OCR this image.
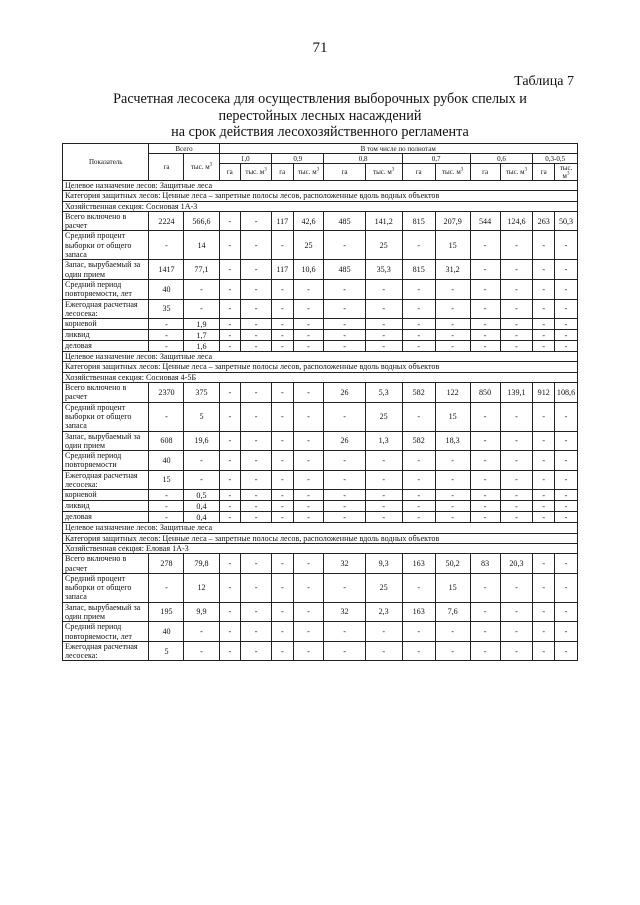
71
Таблица 7
Расчетная лесосека для осуществления выборочных рубок спелых и
перестойных лесных насаждений
на срок действия лесохозяйственного регламента
Показатель	Всего		В том числе по полнотам											
	га	тыс. $м^3$	1,0		0,9		0,8		0,7		0,6		0,3-0,5	
			га	тыс. $м^3$	га	тыс. $м^3$	га	тыс. $м^3$	га	тыс. $м^3$	га	тыс. $м^3$	га	тыс. $м^3$
Целевое назначение лесов: Защитные леса														
Категория защитных лесов: Ценные леса – запретные полосы лесов, расположенные вдоль водных объектов														
Хозяйственная секция: Сосновая 1А-3														
Всего включено в расчет	2224	566,6	-	-	117	42,6	485	141,2	815	207,9	544	124,6	263	50,3
Средний процент выборки от общего запаса	-	14	-	-	-	25	-	25	-	15	-	-	-	-
Запас, вырубаемый за один прием	1417	77,1	-	-	117	10,6	485	35,3	815	31,2	-	-	-	-
Средний период повторяемости, лет	40	-	-	-	-	-	-	-	-	-	-	-	-	-
Ежегодная расчетная лесосека:	35	-	-	-	-	-	-	-	-	-	-	-	-	-
корневой	-	1,9	-	-	-	-	-	-	-	-	-	-	-	-
ликвид	-	1,7	-	-	-	-	-	-	-	-	-	-	-	-
деловая	-	1,6	-	-	-	-	-	-	-	-	-	-	-	-
Целевое назначение лесов: Защитные леса														
Категория защитных лесов: Ценные леса – запретные полосы лесов, расположенные вдоль водных объектов														
Хозяйственная секция: Сосновая 4-5Б														
Всего включено в расчет	2370	375	-	-	-	-	26	5,3	582	122	850	139,1	912	108,6
Средний процент выборки от общего запаса	-	5	-	-	-	-	-	25	-	15	-	-	-	-
Запас, вырубаемый за один прием	608	19,6	-	-	-	-	26	1,3	582	18,3	-	-	-	-
Средний период повторяемости	40	-	-	-	-	-	-	-	-	-	-	-	-	-
Ежегодная расчетная лесосека:	15	-	-	-	-	-	-	-	-	-	-	-	-	-
корневой	-	0,5	-	-	-	-	-	-	-	-	-	-	-	-
ликвид	-	0,4	-	-	-	-	-	-	-	-	-	-	-	-
деловая	-	0,4	-	-	-	-	-	-	-	-	-	-	-	-
Целевое назначение лесов: Защитные леса														
Категория защитных лесов: Ценные леса – запретные полосы лесов, расположенные вдоль водных объектов														
Хозяйственная секция: Еловая 1А-3														
Всего включено в расчет	278	79,8	-	-	-	-	32	9,3	163	50,2	83	20,3	-	-
Средний процент выборки от общего запаса	-	12	-	-	-	-	-	25	-	15	-	-	-	-
Запас, вырубаемый за один прием	195	9,9	-	-	-	-	32	2,3	163	7,6	-	-	-	-
Средний период повторяемости, лет	40	-	-	-	-	-	-	-	-	-	-	-	-	-
Ежегодная расчетная лесосека:	5	-	-	-	-	-	-	-	-	-	-	-	-	-
